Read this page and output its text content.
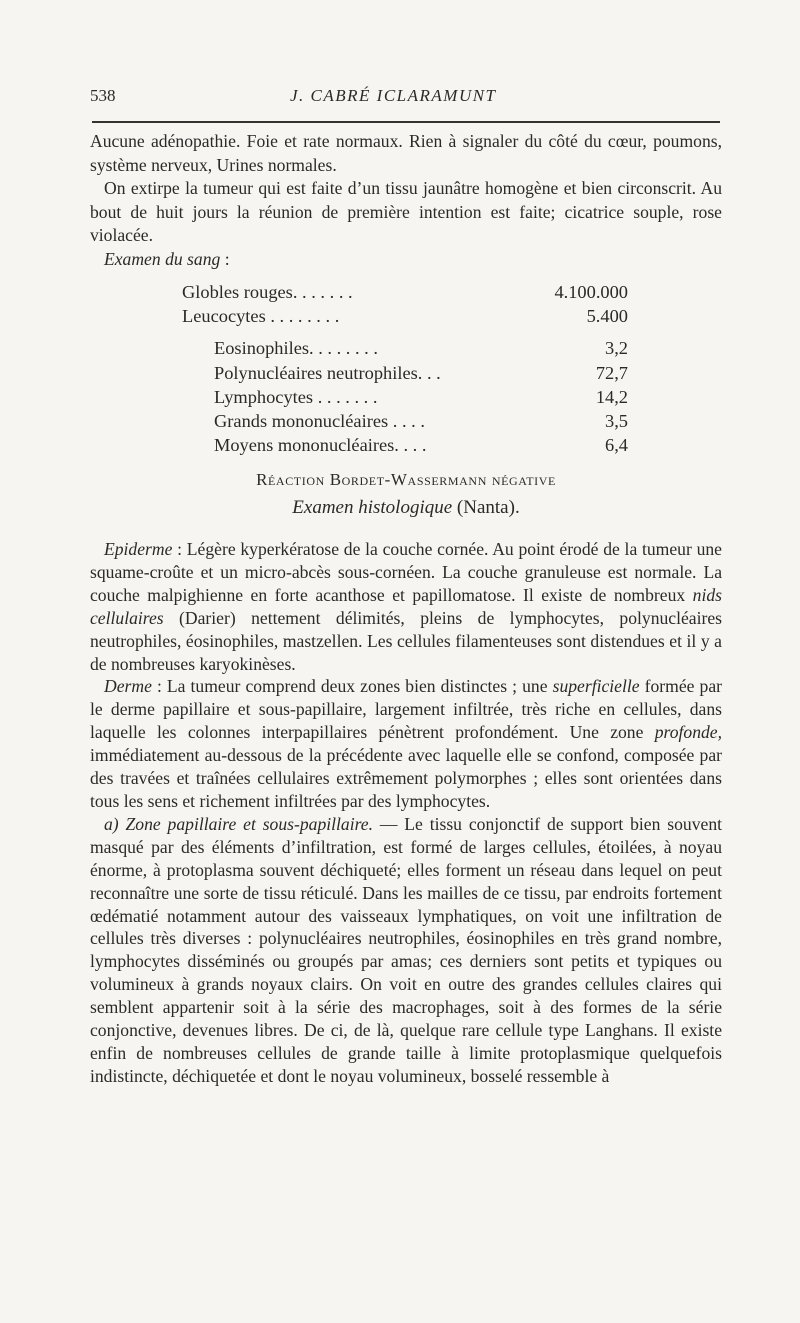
538	J. CABRÉ ICLARAMUNT

Aucune adénopathie. Foie et rate normaux. Rien à signaler du côté du cœur, poumons, système nerveux, Urines normales.

On extirpe la tumeur qui est faite d’un tissu jaunâtre homogène et bien circonscrit. Au bout de huit jours la réunion de première intention est faite; cicatrice souple, rose violacée.

Examen du sang :

Globles rouges. . . . . . .	4.100.000
Leucocytes . . . . . . . .	5.400
Eosinophiles. . . . . . . .	3,2
Polynucléaires neutrophiles. . .	72,7
Lymphocytes . . . . . . .	14,2
Grands mononucléaires . . . .	3,5
Moyens mononucléaires. . . .	6,4
Réaction Bordet-Wassermann négative
Examen histologique (Nanta).

Epiderme : Légère kyperkératose de la couche cornée. Au point érodé de la tumeur une squame-croûte et un micro-abcès sous-cornéen. La couche granuleuse est normale. La couche malpighienne en forte acanthose et papillomatose. Il existe de nombreux nids cellulaires (Darier) nettement délimités, pleins de lymphocytes, polynucléaires neutrophiles, éosinophiles, mastzellen. Les cellules filamenteuses sont distendues et il y a de nombreuses karyokinèses.

Derme : La tumeur comprend deux zones bien distinctes ; une superficielle formée par le derme papillaire et sous-papillaire, largement infiltrée, très riche en cellules, dans laquelle les colonnes interpapillaires pénètrent profondément. Une zone profonde, immédiatement au-dessous de la précédente avec laquelle elle se confond, composée par des travées et traînées cellulaires extrêmement polymorphes ; elles sont orientées dans tous les sens et richement infiltrées par des lymphocytes.

a) Zone papillaire et sous-papillaire. — Le tissu conjonctif de support bien souvent masqué par des éléments d’infiltration, est formé de larges cellules, étoilées, à noyau énorme, à protoplasma souvent déchiqueté; elles forment un réseau dans lequel on peut reconnaître une sorte de tissu réticulé. Dans les mailles de ce tissu, par endroits fortement œdématié notamment autour des vaisseaux lymphatiques, on voit une infiltration de cellules très diverses : polynucléaires neutrophiles, éosinophiles en très grand nombre, lymphocytes disséminés ou groupés par amas; ces derniers sont petits et typiques ou volumineux à grands noyaux clairs. On voit en outre des grandes cellules claires qui semblent appartenir soit à la série des macrophages, soit à des formes de la série conjonctive, devenues libres. De ci, de là, quelque rare cellule type Langhans. Il existe enfin de nombreuses cellules de grande taille à limite protoplasmique quelquefois indistincte, déchiquetée et dont le noyau volumineux, bosselé ressemble à
